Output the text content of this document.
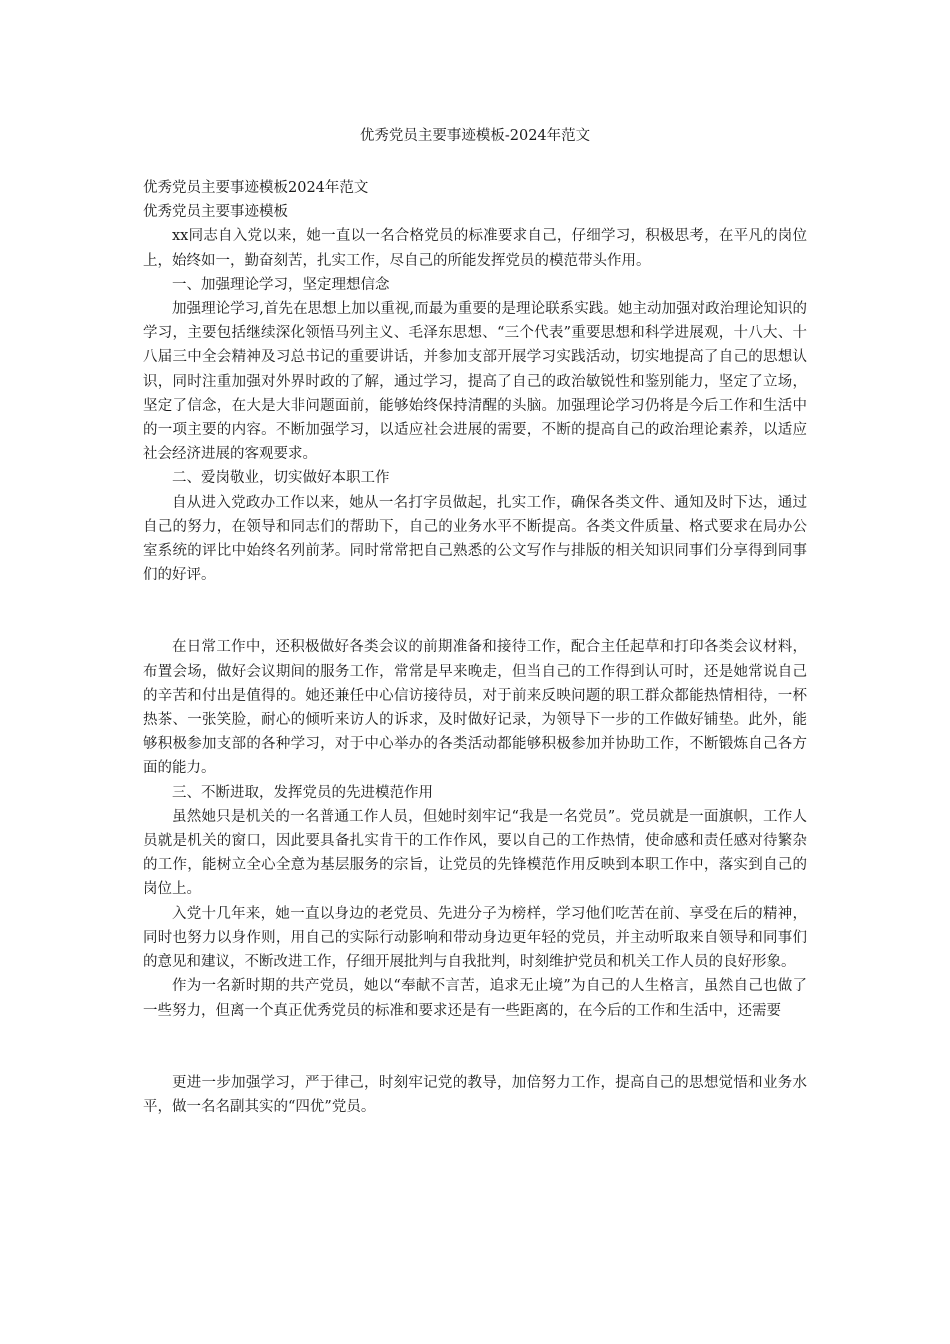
优秀党员主要事迹模板-2024年范文

优秀党员主要事迹模板2024年范文

优秀党员主要事迹模板

xx同志自入党以来，她一直以一名合格党员的标准要求自己，仔细学习，积极思考，在平凡的岗位上，始终如一，勤奋刻苦，扎实工作，尽自己的所能发挥党员的模范带头作用。

一、加强理论学习，坚定理想信念

加强理论学习,首先在思想上加以重视,而最为重要的是理论联系实践。她主动加强对政治理论知识的学习，主要包括继续深化领悟马列主义、毛泽东思想、“三个代表”重要思想和科学进展观，十八大、十八届三中全会精神及习总书记的重要讲话，并参加支部开展学习实践活动，切实地提高了自己的思想认识，同时注重加强对外界时政的了解，通过学习，提高了自己的政治敏锐性和鉴别能力，坚定了立场，坚定了信念，在大是大非问题面前，能够始终保持清醒的头脑。加强理论学习仍将是今后工作和生活中的一项主要的内容。不断加强学习，以适应社会进展的需要，不断的提高自己的政治理论素养，以适应社会经济进展的客观要求。

二、爱岗敬业，切实做好本职工作

自从进入党政办工作以来，她从一名打字员做起，扎实工作，确保各类文件、通知及时下达，通过自己的努力，在领导和同志们的帮助下，自己的业务水平不断提高。各类文件质量、格式要求在局办公室系统的评比中始终名列前茅。同时常常把自己熟悉的公文写作与排版的相关知识同事们分享得到同事们的好评。

在日常工作中，还积极做好各类会议的前期准备和接待工作，配合主任起草和打印各类会议材料，布置会场，做好会议期间的服务工作，常常是早来晚走，但当自己的工作得到认可时，还是她常说自己的辛苦和付出是值得的。她还兼任中心信访接待员，对于前来反映问题的职工群众都能热情相待，一杯热茶、一张笑脸，耐心的倾听来访人的诉求，及时做好记录，为领导下一步的工作做好铺垫。此外，能够积极参加支部的各种学习，对于中心举办的各类活动都能够积极参加并协助工作，不断锻炼自己各方面的能力。

三、不断进取，发挥党员的先进模范作用

虽然她只是机关的一名普通工作人员，但她时刻牢记“我是一名党员”。党员就是一面旗帜，工作人员就是机关的窗口，因此要具备扎实肯干的工作作风，要以自己的工作热情，使命感和责任感对待繁杂的工作，能树立全心全意为基层服务的宗旨，让党员的先锋模范作用反映到本职工作中，落实到自己的岗位上。

入党十几年来，她一直以身边的老党员、先进分子为榜样，学习他们吃苦在前、享受在后的精神，同时也努力以身作则，用自己的实际行动影响和带动身边更年轻的党员，并主动听取来自领导和同事们的意见和建议，不断改进工作，仔细开展批判与自我批判，时刻维护党员和机关工作人员的良好形象。

作为一名新时期的共产党员，她以“奉献不言苦，追求无止境”为自己的人生格言，虽然自己也做了一些努力，但离一个真正优秀党员的标准和要求还是有一些距离的，在今后的工作和生活中，还需要

更进一步加强学习，严于律己，时刻牢记党的教导，加倍努力工作，提高自己的思想觉悟和业务水平，做一名名副其实的“四优”党员。
